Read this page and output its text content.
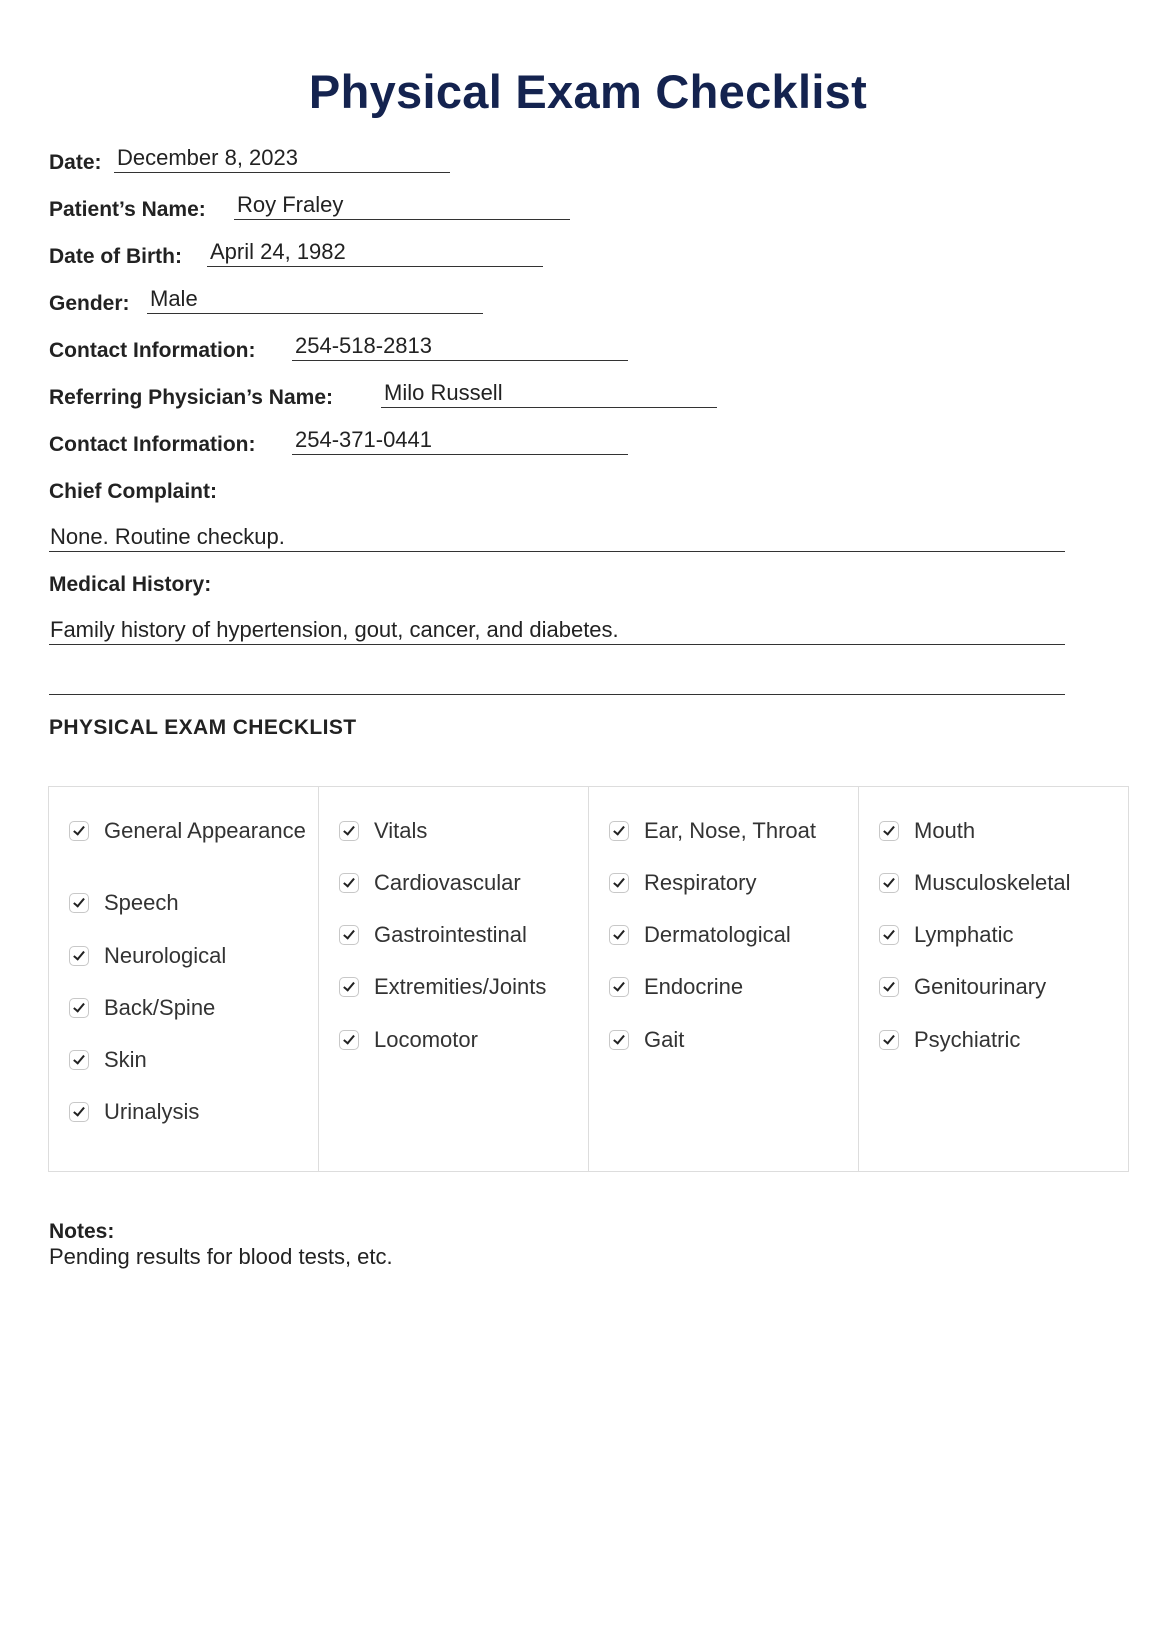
Physical Exam Checklist
Date: December 8, 2023
Patient’s Name: Roy Fraley
Date of Birth: April 24, 1982
Gender: Male
Contact Information: 254-518-2813
Referring Physician’s Name: Milo Russell
Contact Information: 254-371-0441
Chief Complaint:
None. Routine checkup.
Medical History:
Family history of hypertension, gout, cancer, and diabetes.
PHYSICAL EXAM CHECKLIST
General Appearance
Speech
Neurological
Back/Spine
Skin
Urinalysis
Vitals
Cardiovascular
Gastrointestinal
Extremities/Joints
Locomotor
Ear, Nose, Throat
Respiratory
Dermatological
Endocrine
Gait
Mouth
Musculoskeletal
Lymphatic
Genitourinary
Psychiatric
Notes:
Pending results for blood tests, etc.
